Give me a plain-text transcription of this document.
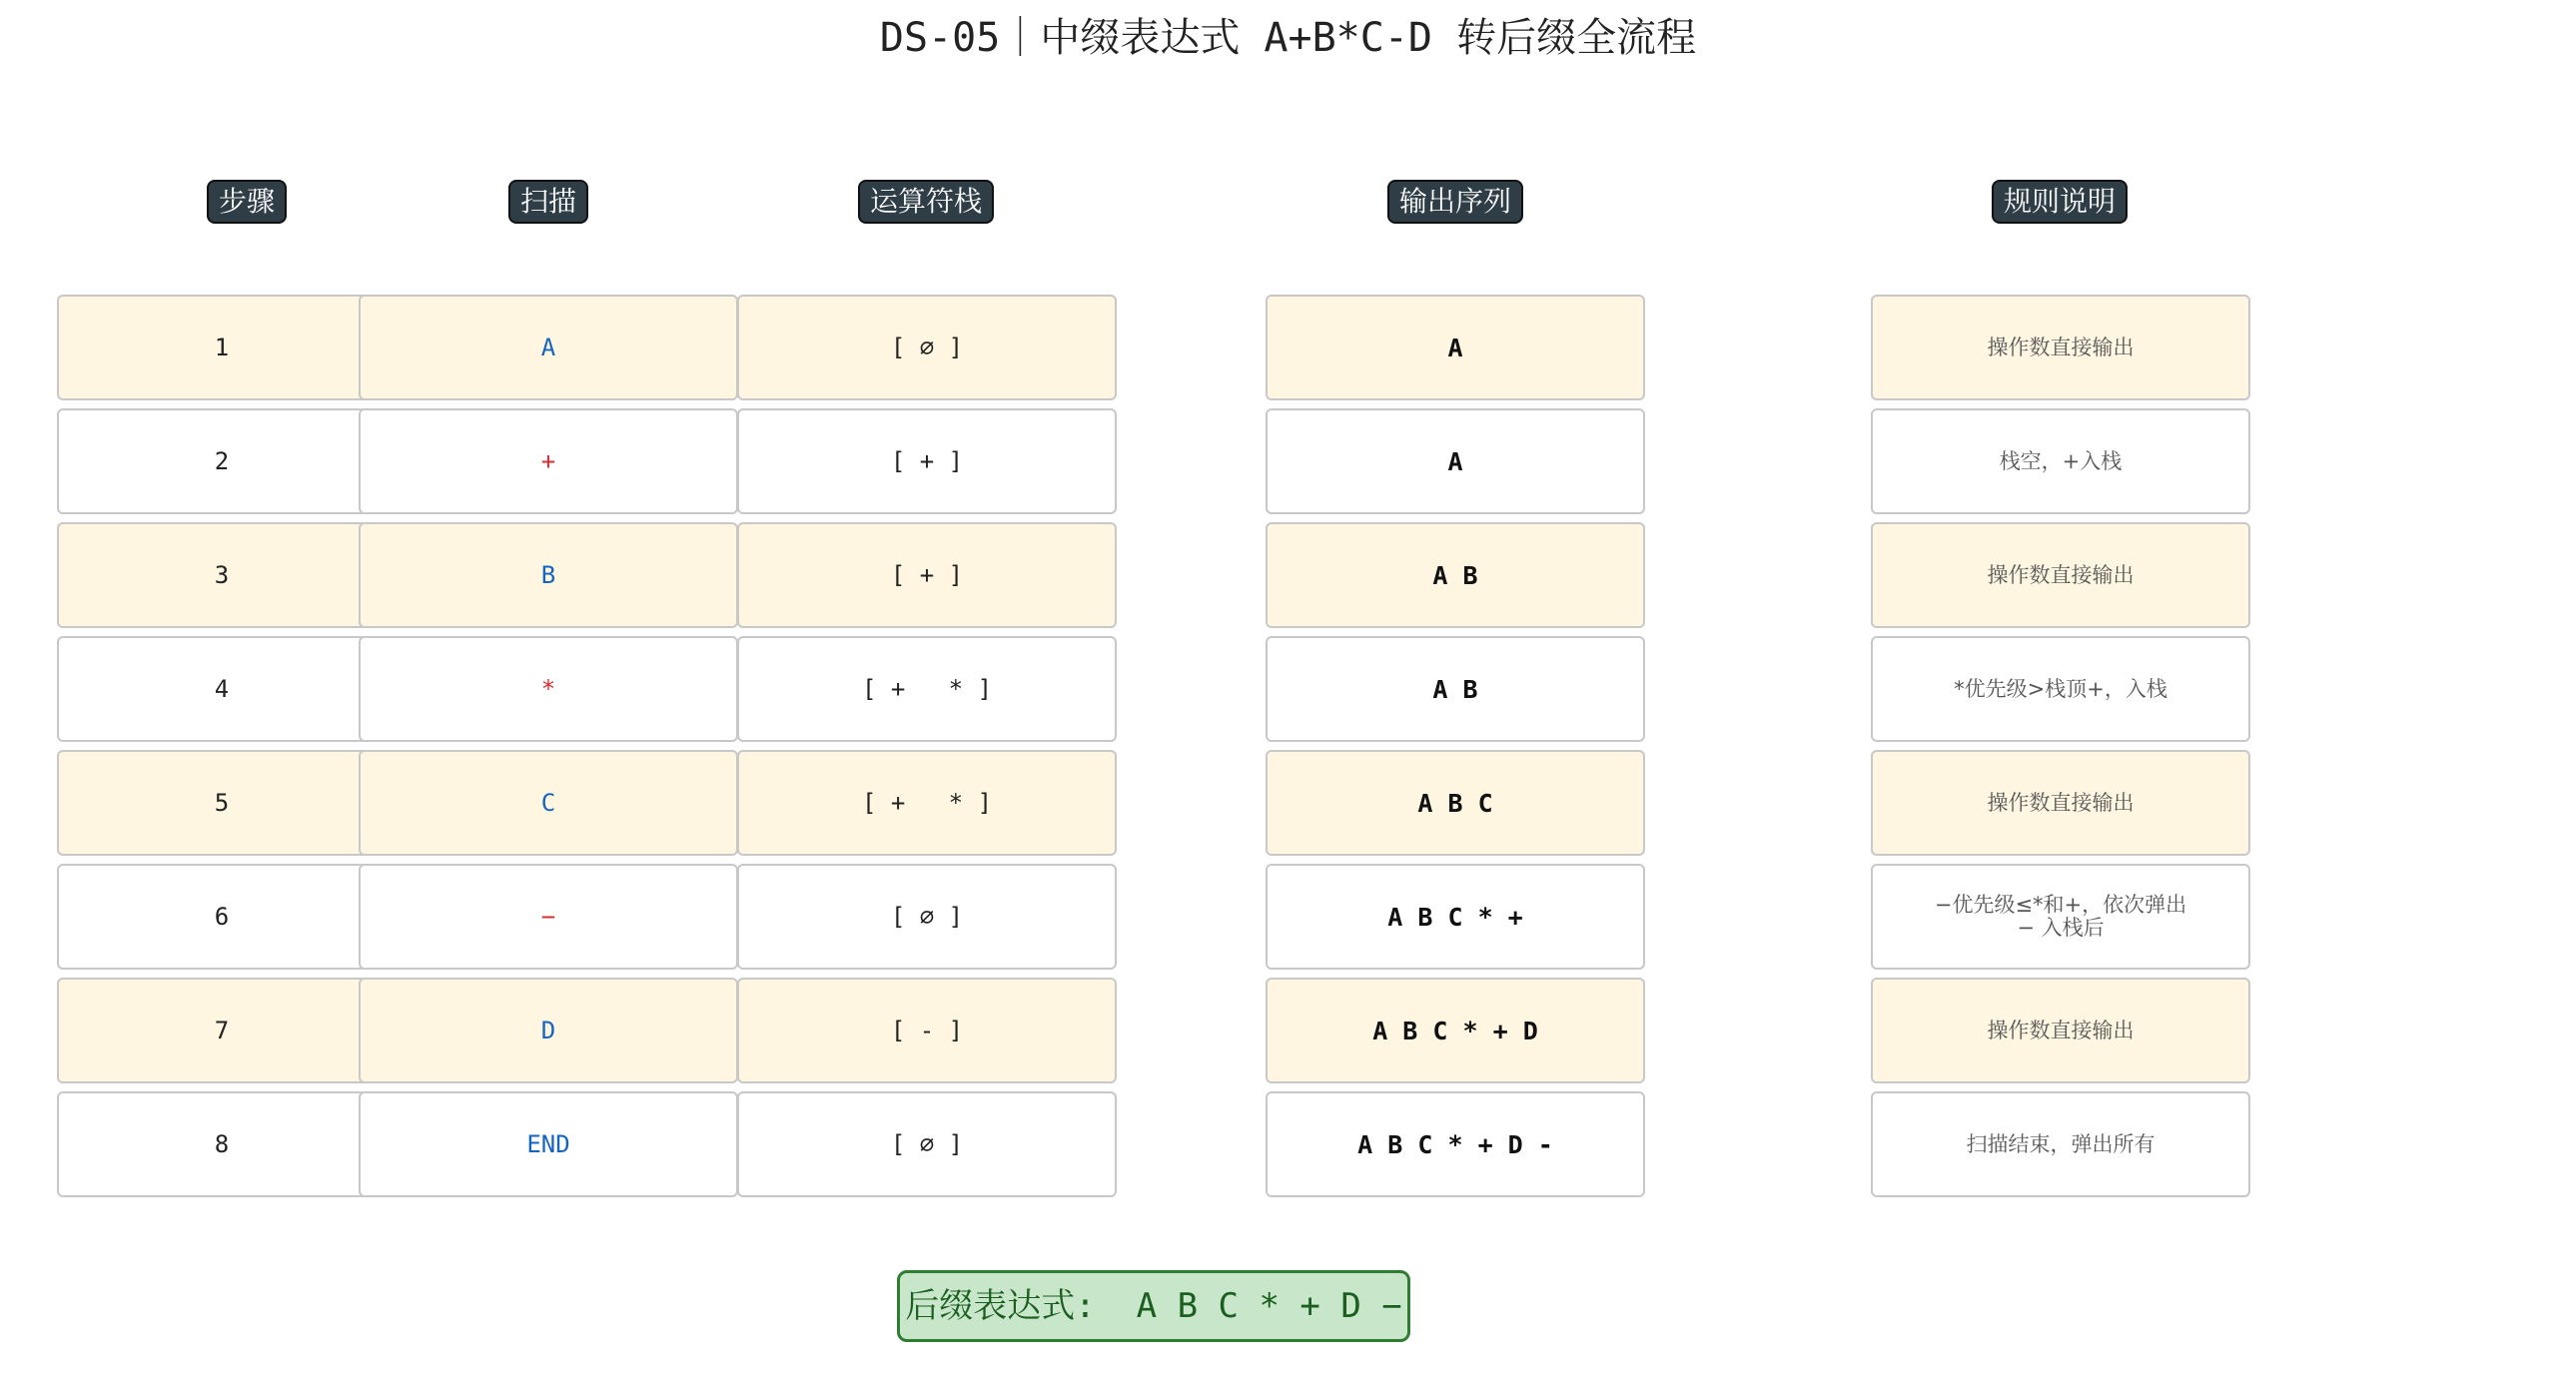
DS-05｜中缀表达式 A+B*C-D 转后缀全流程
步骤	扫描	运算符栈	输出序列	规则说明
1	A	[ ∅ ]	A	操作数直接输出
2	+	[ + ]	A	栈空，+入栈
3	B	[ + ]	A B	操作数直接输出
4	*	[ +   * ]	A B	*优先级>栈顶+，入栈
5	C	[ +   * ]	A B C	操作数直接输出
6	−	[ ∅ ]	A B C * +	−优先级≤*和+，依次弹出
− 入栈后
7	D	[ - ]	A B C * + D	操作数直接输出
8	END	[ ∅ ]	A B C * + D -	扫描结束，弹出所有
后缀表达式:  A B C * + D −
